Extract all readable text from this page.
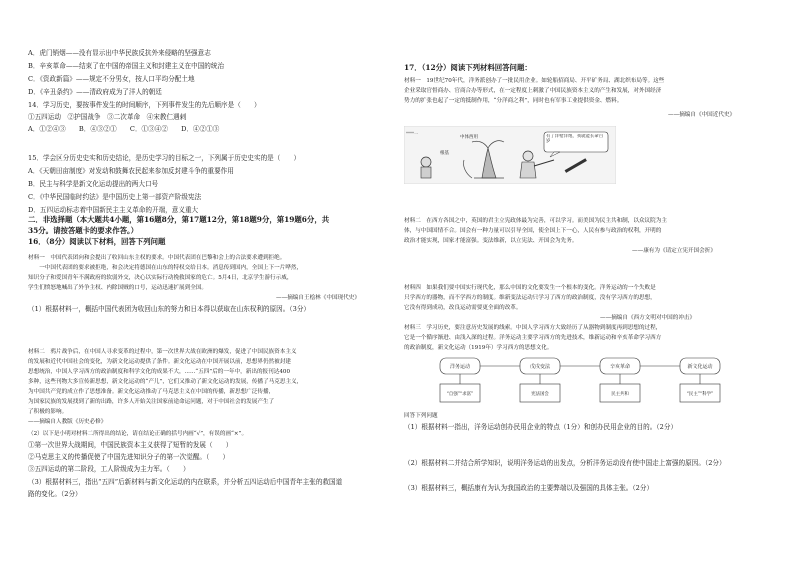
A．虎门销烟——没有显示出中华民族反抗外来侵略的坚强意志
B．辛亥革命——结束了在中国的帝国主义和封建主义在中国的统治
C．《资政新篇》——规定不分男女，按人口平均分配土地
D．《辛丑条约》——清政府成为了洋人的朝廷
14．学习历史，要按事件发生的时间顺序，下列事件发生的先后顺序是（　　）
①五四运动　②护国战争　③二次革命　④宋教仁遇刺
A．①②④③　　B．④③②①　　C．①③④②　　D．④②①③
15．学会区分历史史实和历史结论，是历史学习的目标之一，下列属于历史史实的是（　　）
A．《天朝田亩制度》对发动和鼓舞农民起来参加反封建斗争的重要作用
B．民主与科学是新文化运动提出的两大口号
C．《中华民国临时约法》是中国历史上第一部资产阶级宪法
D．五四运动标志着中国新民主主义革命的开端，意义重大
二．非选择题（本大题共4小题，第16题8分，第17题12分，第18题9分，第19题6分，共
35分。请按答题卡的要求作答。）
16．（8分）阅读以下材料，回答下列问题
材料一　中国代表团向和会提出了收回山东主权的要求。中国代表团在巴黎和会上的合法要求遭到拒绝。
　　一中国代表团的要求被拒绝，和会决定将德国在山东的特权交给日本。消息传到国内，全国上下一片哗然，
知识分子和爱国青年不满政府的软弱外交，决心以实际行动挽救国家的危亡。5月4日，北京学生游行示威，
学生们愤怒地喊出了外争主权、内除国贼的口号，运动迅速扩展到全国。
——摘编自王桧林《中国现代史》
（1）根据材料一，概括中国代表团为收回山东的努力和日本得以获取在山东权利的原因。（3分）
材料二　鸦片战争后，在中国人寻求变革的过程中，第一次世界大战在欧洲的爆发，促进了中国民族资本主义
的发展和近代中国社会的变化，为新文化运动提供了条件。新文化运动在中国开展以前，思想界仍然被封建
思想统治，中国人学习西方的政治制度和科学文化的成果不大，......“五四”后的一年中，新出的报刊达400
多种，这些刊物大多宣传新思想，新文化运动的“产儿”，它们又推动了新文化运动的发展，传播了马克思主义，
为中国共产党的成立作了思想准备。新文化运动推动了马克思主义在中国的传播，新思想广泛传播，
为国家民族的发展找到了新的出路，许多人开始关注国家前途命运问题，对于中国社会的发展产生了
了积极的影响。
——摘编自人教版《历史必修》
（2）以下是小明对材料二所得出的结论，请在结论正确的括号内画“√”，有误的画“×”。
①第一次世界大战期间，中国民族资本主义获得了短暂的发展（　　）
②马克思主义的传播促使了中国先进知识分子的第一次觉醒。（　　）
③五四运动的第二阶段，工人阶级成为主力军。（　　）
（3）根据材料三，指出“五四”后新材料与新文化运动的内在联系，并分析五四运动后中国青年主张的救国道
路的变化。（2分）
17．（12分）阅读下列材料回答问题：
材料一　19世纪70年代，洋务派创办了一批民用企业。如轮船招商局、开平矿务局、湖北织布局等。这些
企业采取官督商办、官商合办等形式，在一定程度上刺激了中国民族资本主义的产生和发展，对外国经济
势力的扩张也起了一定的抵制作用，“分洋商之利”，同时也有军事工业提供资金、燃料。
——摘编自《中国近代史》
材料二　在西方各国之中，英国的君主立宪政体最为完善，可以学习。而美国为民主共和制，以众议院为主
体，与中国国情不合。国会有一种力量可以引导全国，使全国上下一心，人民有参与政治的权利，开明的
政治才能实现，国家才能富强。变法维新，以立宪法、开国会为先务。
——康有为《请定立宪开国会折》
材料四　如果我们要中国实行现代化，那么中国的文化要发生一个根本的变化。洋务运动的一个失败是
只学西方的器物，而不学西方的制度。维新变法运动只学习了西方的政治制度，没有学习西方的思想，
它没有得到成功，改良运动需要更全面的改革。
——摘编自《西方文明对中国的冲击》
材料三　学习历史，要注意历史发展的线索。中国人学习西方大致经历了从器物到制度再到思想的过程，
它是一个循序渐进、由浅入深的过程。洋务运动主要学习西方的先进技术，维新运动和辛亥革命学习西方
的政治制度，新文化运动（1919年）学习西方的思想文化。
回答下列问题
（1）根据材料一指出，洋务运动创办民用企业的特点（1分）和创办民用企业的目的。（2分）
（2）根据材料二并结合所学知识，说明洋务运动的出发点，分析洋务运动没有使中国走上富强的原因。（2分）
（3）根据材料三，概括康有为认为我国政治的主要弊端以及强国的具体主张。（2分）
****一
中体西用
根基
有了洋枪洋炮，我就能长命百岁
洋务运动	戊戌变法	辛亥革命	新文化运动
“自强”“求富”	宪法国会	民主共和	“民主”“科学”
